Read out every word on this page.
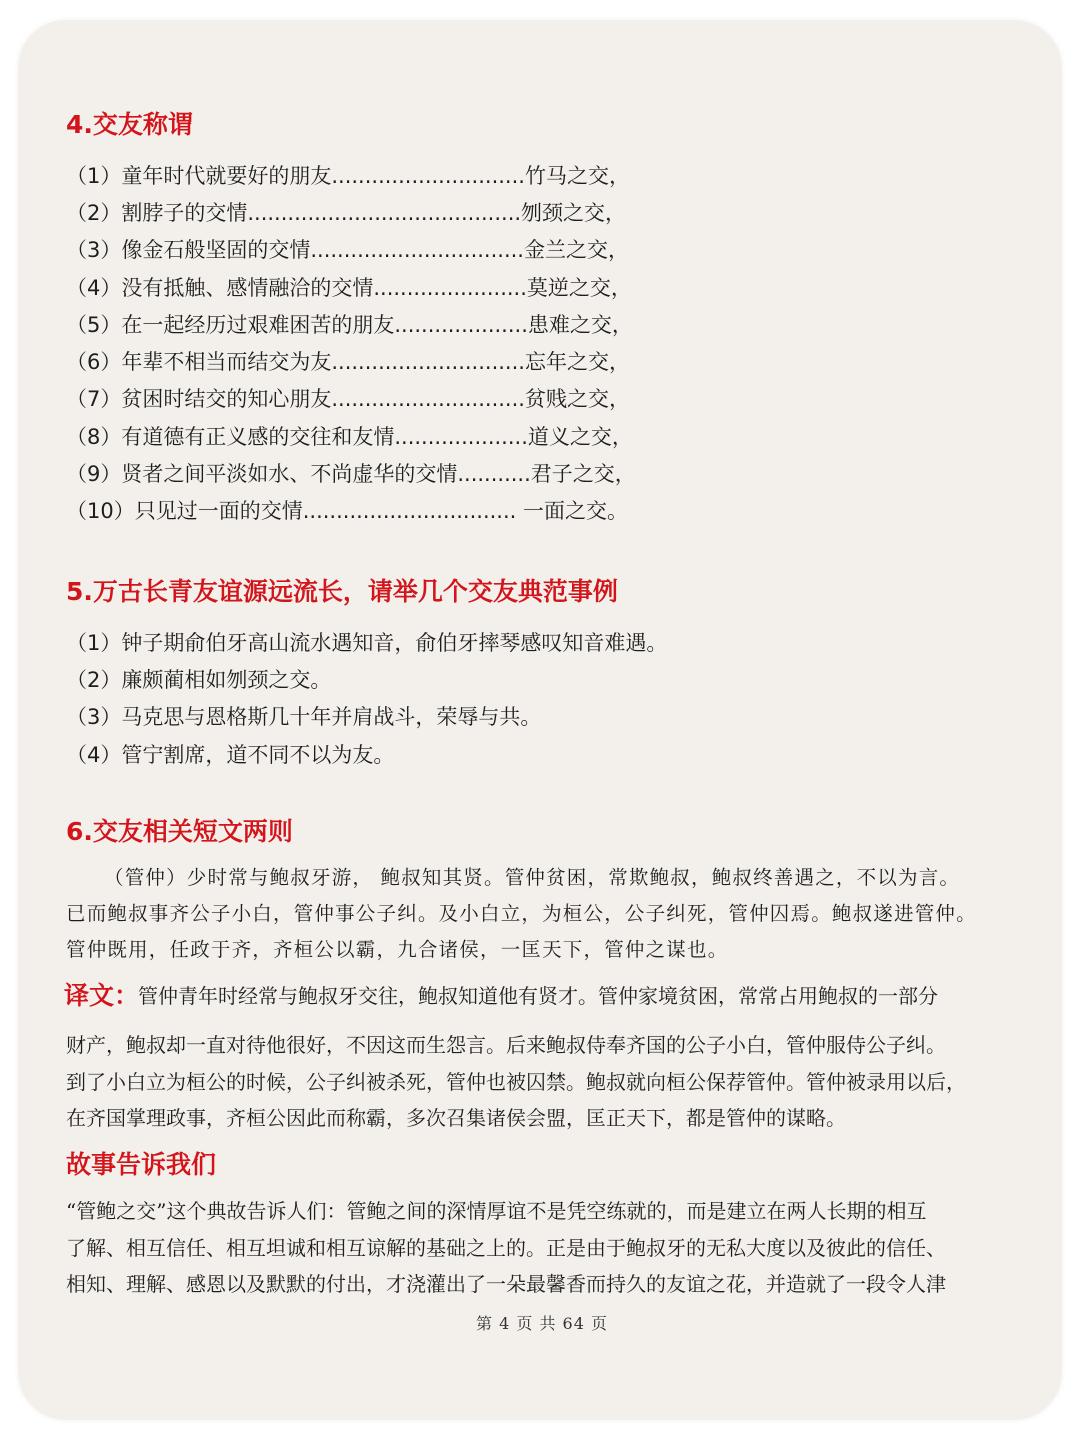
4.交友称谓
（1）童年时代就要好的朋友.............................竹马之交，
（2）割脖子的交情.........................................刎颈之交，
（3）像金石般坚固的交情................................金兰之交，
（4）没有抵触、感情融洽的交情.......................莫逆之交，
（5）在一起经历过艰难困苦的朋友....................患难之交，
（6）年辈不相当而结交为友.............................忘年之交，
（7）贫困时结交的知心朋友.............................贫贱之交，
（8）有道德有正义感的交往和友情....................道义之交，
（9）贤者之间平淡如水、不尚虚华的交情...........君子之交，
（10）只见过一面的交情................................ 一面之交。
5.万古长青友谊源远流长，请举几个交友典范事例
（1）钟子期俞伯牙高山流水遇知音，俞伯牙摔琴感叹知音难遇。
（2）廉颇蔺相如刎颈之交。
（3）马克思与恩格斯几十年并肩战斗，荣辱与共。
（4）管宁割席，道不同不以为友。
6.交友相关短文两则
（管仲）少时常与鲍叔牙游， 鲍叔知其贤。管仲贫困，常欺鲍叔，鲍叔终善遇之，不以为言。
已而鲍叔事齐公子小白，管仲事公子纠。及小白立，为桓公，公子纠死，管仲囚焉。鲍叔遂进管仲。
管仲既用，任政于齐，齐桓公以霸，九合诸侯，一匡天下，管仲之谋也。
译文：
管仲青年时经常与鲍叔牙交往，鲍叔知道他有贤才。管仲家境贫困，常常占用鲍叔的一部分
财产，鲍叔却一直对待他很好，不因这而生怨言。后来鲍叔侍奉齐国的公子小白，管仲服侍公子纠。
到了小白立为桓公的时候，公子纠被杀死，管仲也被囚禁。鲍叔就向桓公保荐管仲。管仲被录用以后，
在齐国掌理政事，齐桓公因此而称霸，多次召集诸侯会盟，匡正天下，都是管仲的谋略。
故事告诉我们
“管鲍之交”这个典故告诉人们：管鲍之间的深情厚谊不是凭空练就的，而是建立在两人长期的相互
了解、相互信任、相互坦诚和相互谅解的基础之上的。正是由于鲍叔牙的无私大度以及彼此的信任、
相知、理解、感恩以及默默的付出，才浇灌出了一朵最馨香而持久的友谊之花，并造就了一段令人津
第 4 页 共 64 页
